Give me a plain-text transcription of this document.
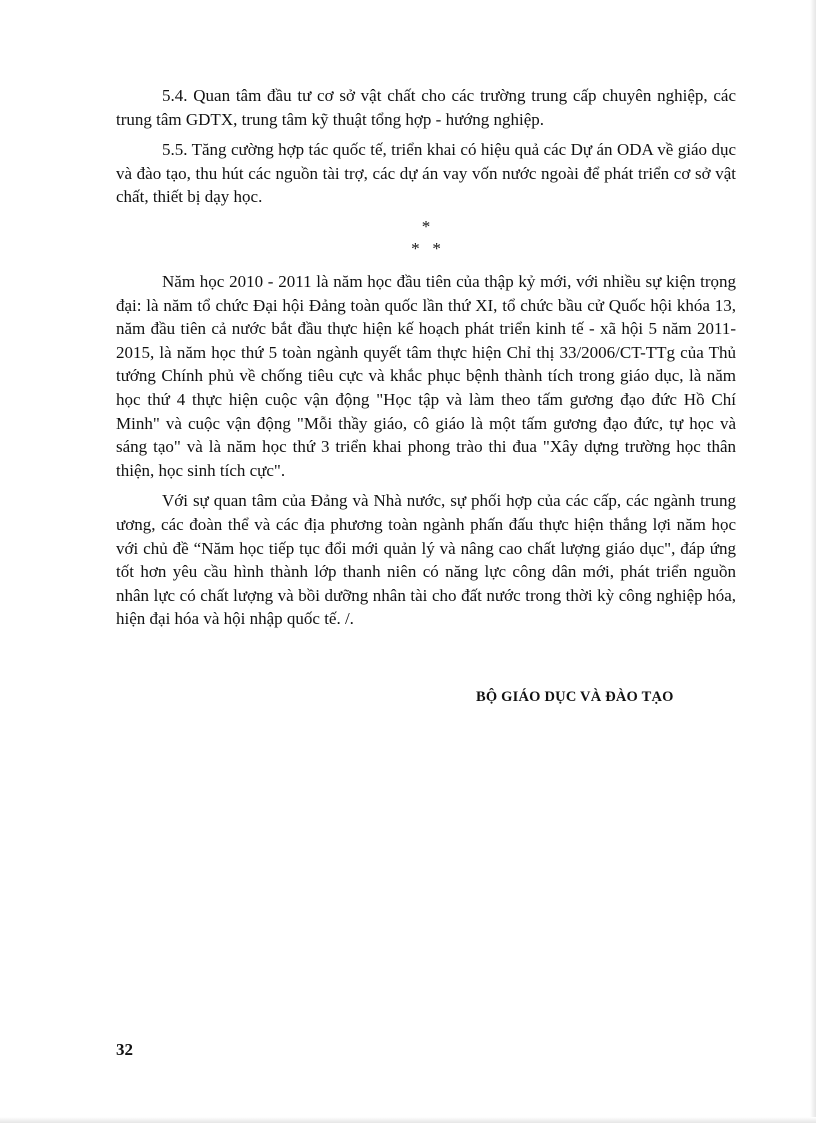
5.4. Quan tâm đầu tư cơ sở vật chất cho các trường trung cấp chuyên nghiệp, các trung tâm GDTX, trung tâm kỹ thuật tổng hợp - hướng nghiệp.

5.5. Tăng cường hợp tác quốc tế, triển khai có hiệu quả các Dự án ODA về giáo dục và đào tạo, thu hút các nguồn tài trợ, các dự án vay vốn nước ngoài để phát triển cơ sở vật chất, thiết bị dạy học.

*
*   *

Năm học 2010 - 2011 là năm học đầu tiên của thập kỷ mới, với nhiều sự kiện trọng đại: là năm tổ chức Đại hội Đảng toàn quốc lần thứ XI, tổ chức bầu cử Quốc hội khóa 13, năm đầu tiên cả nước bắt đầu thực hiện kế hoạch phát triển kinh tế - xã hội 5 năm 2011- 2015, là năm học thứ 5 toàn ngành quyết tâm thực hiện Chỉ thị 33/2006/CT-TTg của Thủ tướng Chính phủ về chống tiêu cực và khắc phục bệnh thành tích trong giáo dục, là năm học thứ 4 thực hiện cuộc vận động "Học tập và làm theo tấm gương đạo đức Hồ Chí Minh" và cuộc vận động "Mỗi thầy giáo, cô giáo là một tấm gương đạo đức, tự học và sáng tạo" và là năm học thứ 3 triển khai phong trào thi đua "Xây dựng trường học thân thiện, học sinh tích cực".

Với sự quan tâm của Đảng và Nhà nước, sự phối hợp của các cấp, các ngành trung ương, các đoàn thể và các địa phương toàn ngành phấn đấu thực hiện thắng lợi năm học với chủ đề “Năm học tiếp tục đổi mới quản lý và nâng cao chất lượng giáo dục", đáp ứng tốt hơn yêu cầu hình thành lớp thanh niên có năng lực công dân mới, phát triển nguồn nhân lực có chất lượng và bồi dưỡng nhân tài cho đất nước trong thời kỳ công nghiệp hóa, hiện đại hóa và hội nhập quốc tế. /.

BỘ GIÁO DỤC VÀ ĐÀO TẠO
32
